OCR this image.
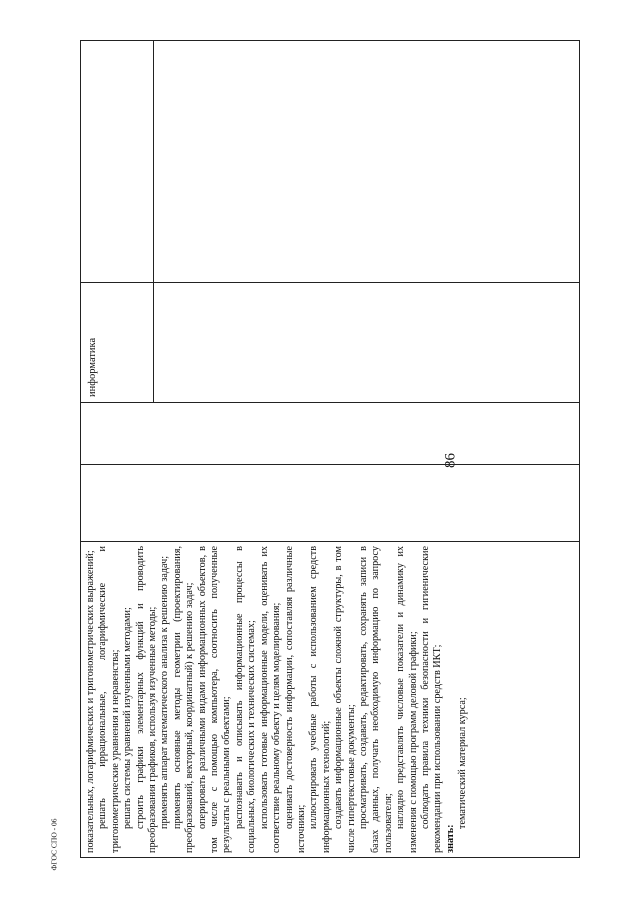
86

показательных, логарифмических и тригонометрических выражений; решать иррациональные, логарифмические и тригонометрические уравнения и неравенства; решать системы уравнений изученными методами; строить графики элементарных функций и проводить преобразования графиков, используя изученные методы; применять аппарат математического анализа к решению задач; применять основные методы геометрии (проектирования, преобразований, векторный, координатный) к решению задач; оперировать различными видами информационных объектов, в том числе с помощью компьютера, соотносить полученные результаты с реальными объектами; распознавать и описывать информационные процессы в социальных, биологических и технических системах; использовать готовые информационные модели, оценивать их соответствие реальному объекту и целям моделирования; оценивать достоверность информации, сопоставляя различные источники; иллюстрировать учебные работы с использованием средств информационных технологий; создавать информационные объекты сложной структуры, в том числе гипертекстовые документы; просматривать, создавать, редактировать, сохранять записи в базах данных, получать необходимую информацию по запросу пользователя; наглядно представлять числовые показатели и динамику их изменения с помощью программ деловой графики; соблюдать правила техники безопасности и гигиенические рекомендации при использовании средств ИКТ; знать:

тематический материал курса;

информатика
ФГОС СПО - 06
